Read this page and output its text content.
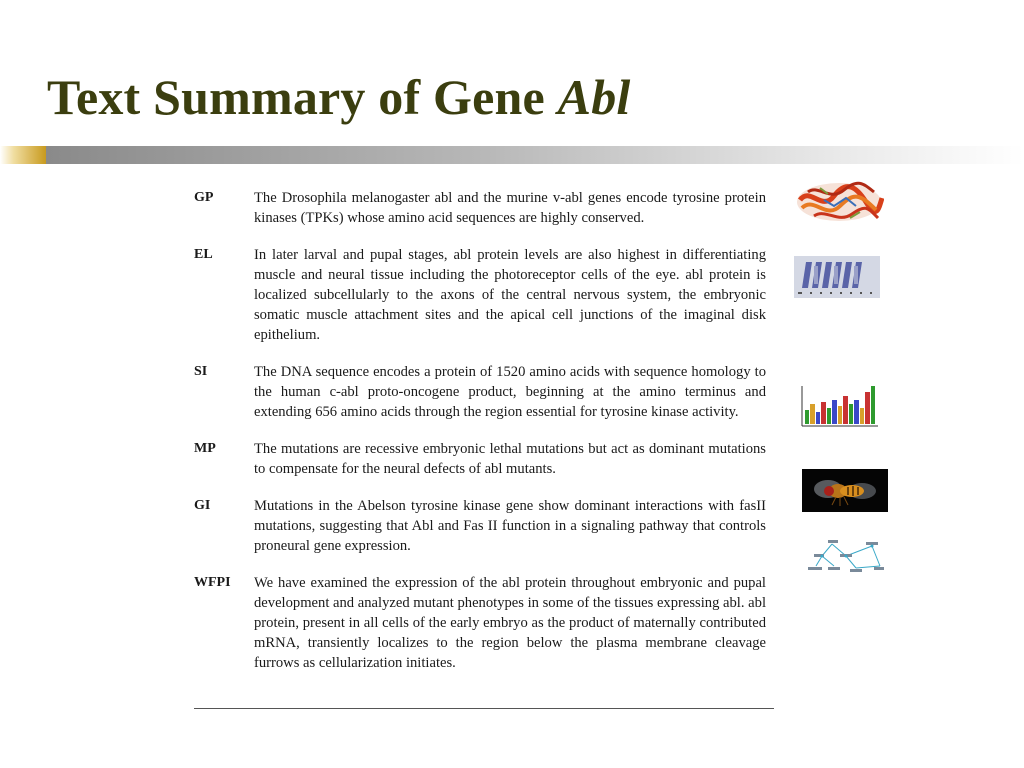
Text Summary of Gene Abl
GP	The Drosophila melanogaster abl and the murine v-abl genes encode tyrosine protein kinases (TPKs) whose amino acid sequences are highly conserved.
EL	In later larval and pupal stages, abl protein levels are also highest in differentiating muscle and neural tissue including the photoreceptor cells of the eye. abl protein is localized subcellularly to the axons of the central nervous system, the embryonic somatic muscle attachment sites and the apical cell junctions of the imaginal disk epithelium.
SI	The DNA sequence encodes a protein of 1520 amino acids with sequence homology to the human c-abl proto-oncogene product, beginning at the amino terminus and extending 656 amino acids through the region essential for tyrosine kinase activity.
MP	The mutations are recessive embryonic lethal mutations but act as dominant mutations to compensate for the neural defects of abl mutants.
GI	Mutations in the Abelson tyrosine kinase gene show dominant interactions with fasII mutations, suggesting that Abl and Fas II function in a signaling pathway that controls proneural gene expression.
WFPI	We have examined the expression of the abl protein throughout embryonic and pupal development and analyzed mutant phenotypes in some of the tissues expressing abl. abl protein, present in all cells of the early embryo as the product of maternally contributed mRNA, transiently localizes to the region below the plasma membrane cleavage furrows as cellularization initiates.
